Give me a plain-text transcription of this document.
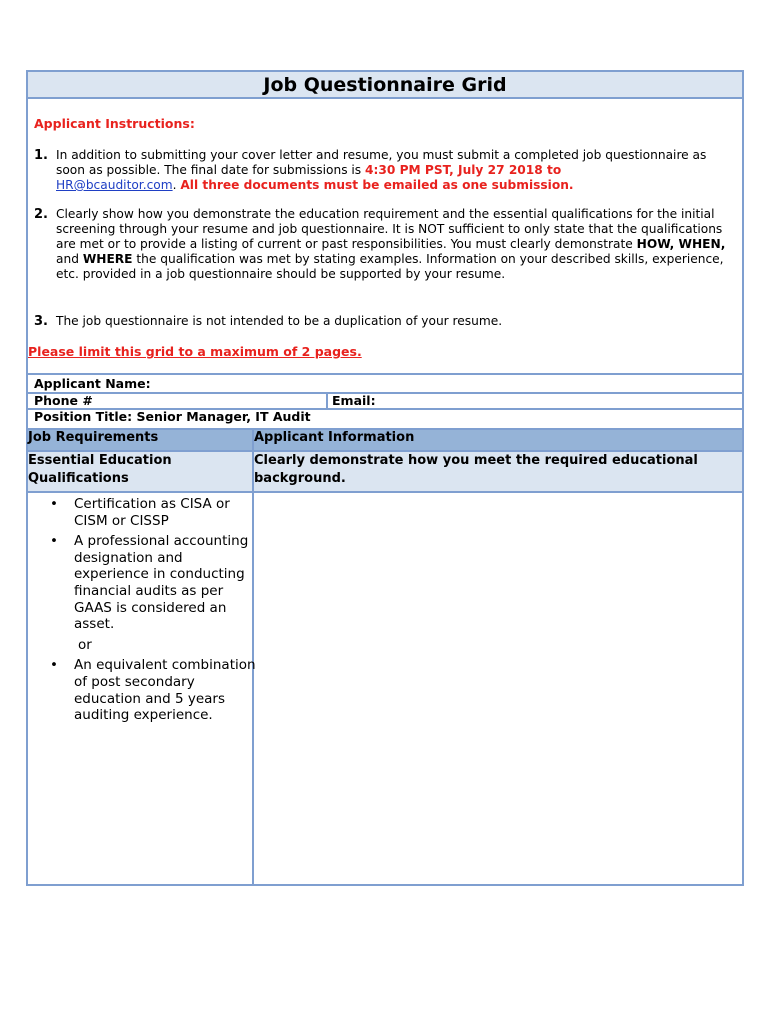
Job Questionnaire Grid
Applicant Instructions:
1. In addition to submitting your cover letter and resume, you must submit a completed job questionnaire as soon as possible. The final date for submissions is 4:30 PM PST, July 27 2018 to
HR@bcauditor.com. All three documents must be emailed as one submission.
2. Clearly show how you demonstrate the education requirement and the essential qualifications for the initial screening through your resume and job questionnaire. It is NOT sufficient to only state that the qualifications are met or to provide a listing of current or past responsibilities. You must clearly demonstrate HOW, WHEN, and WHERE the qualification was met by stating examples. Information on your described skills, experience, etc. provided in a job questionnaire should be supported by your resume.
3. The job questionnaire is not intended to be a duplication of your resume.
Please limit this grid to a maximum of 2 pages.
Applicant Name:
Phone #	Email:
Position Title: Senior Manager, IT Audit
Job Requirements	Applicant Information
Essential Education Qualifications
Clearly demonstrate how you meet the required educational background.
• Certification as CISA or CISM or CISSP
• A professional accounting designation and experience in conducting financial audits as per GAAS is considered an asset.
or
• An equivalent combination of post secondary education and 5 years auditing experience.
